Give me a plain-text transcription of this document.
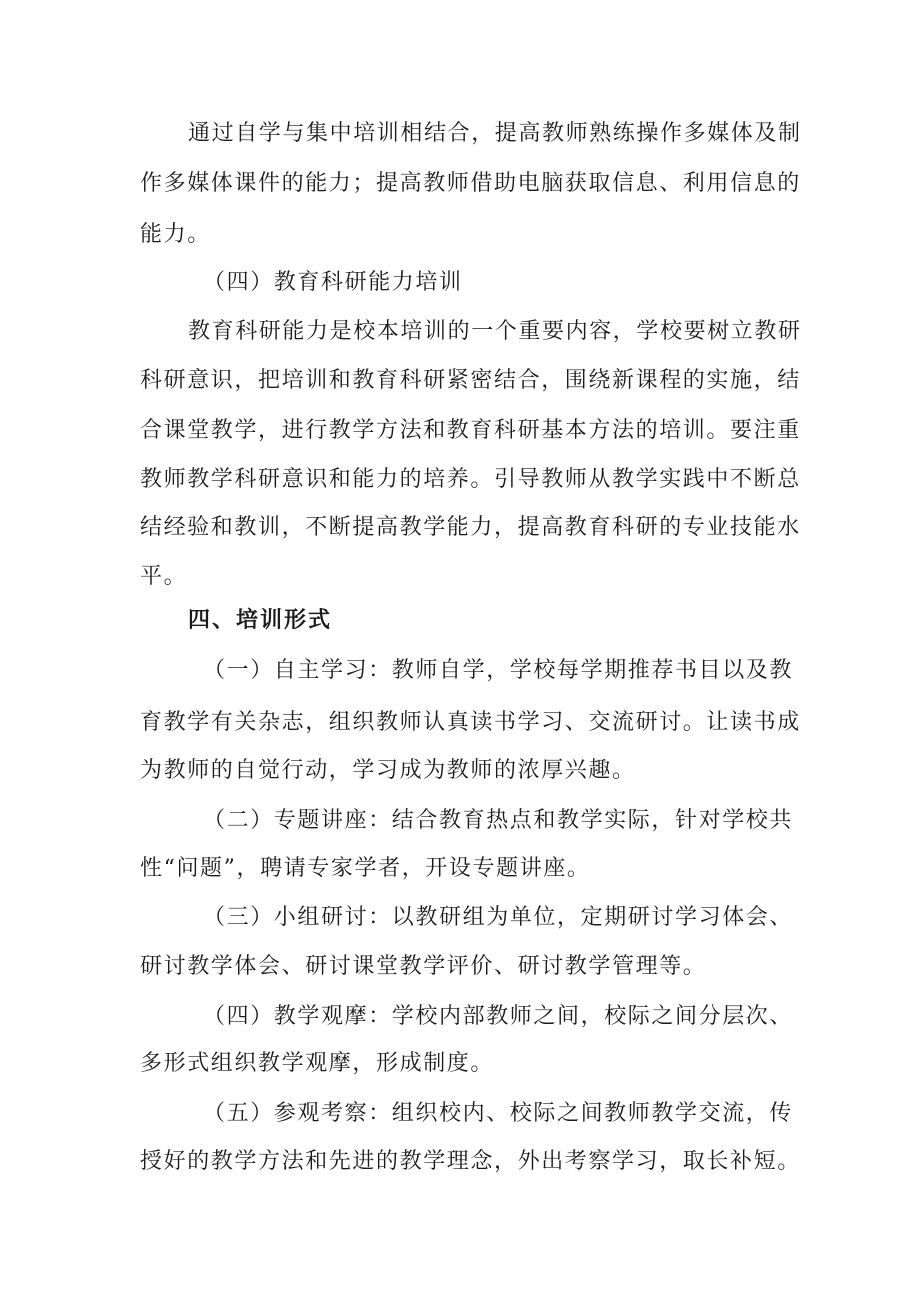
通过自学与集中培训相结合，提高教师熟练操作多媒体及制
作多媒体课件的能力；提高教师借助电脑获取信息、利用信息的
能力。
（四）教育科研能力培训
教育科研能力是校本培训的一个重要内容，学校要树立教研
科研意识，把培训和教育科研紧密结合，围绕新课程的实施，结
合课堂教学，进行教学方法和教育科研基本方法的培训。要注重
教师教学科研意识和能力的培养。引导教师从教学实践中不断总
结经验和教训，不断提高教学能力，提高教育科研的专业技能水
平。
四、培训形式
（一）自主学习：教师自学，学校每学期推荐书目以及教
育教学有关杂志，组织教师认真读书学习、交流研讨。让读书成
为教师的自觉行动，学习成为教师的浓厚兴趣。
（二）专题讲座：结合教育热点和教学实际，针对学校共
性“问题”，聘请专家学者，开设专题讲座。
（三）小组研讨：以教研组为单位，定期研讨学习体会、
研讨教学体会、研讨课堂教学评价、研讨教学管理等。
（四）教学观摩：学校内部教师之间，校际之间分层次、
多形式组织教学观摩，形成制度。
（五）参观考察：组织校内、校际之间教师教学交流，传
授好的教学方法和先进的教学理念，外出考察学习，取长补短。
